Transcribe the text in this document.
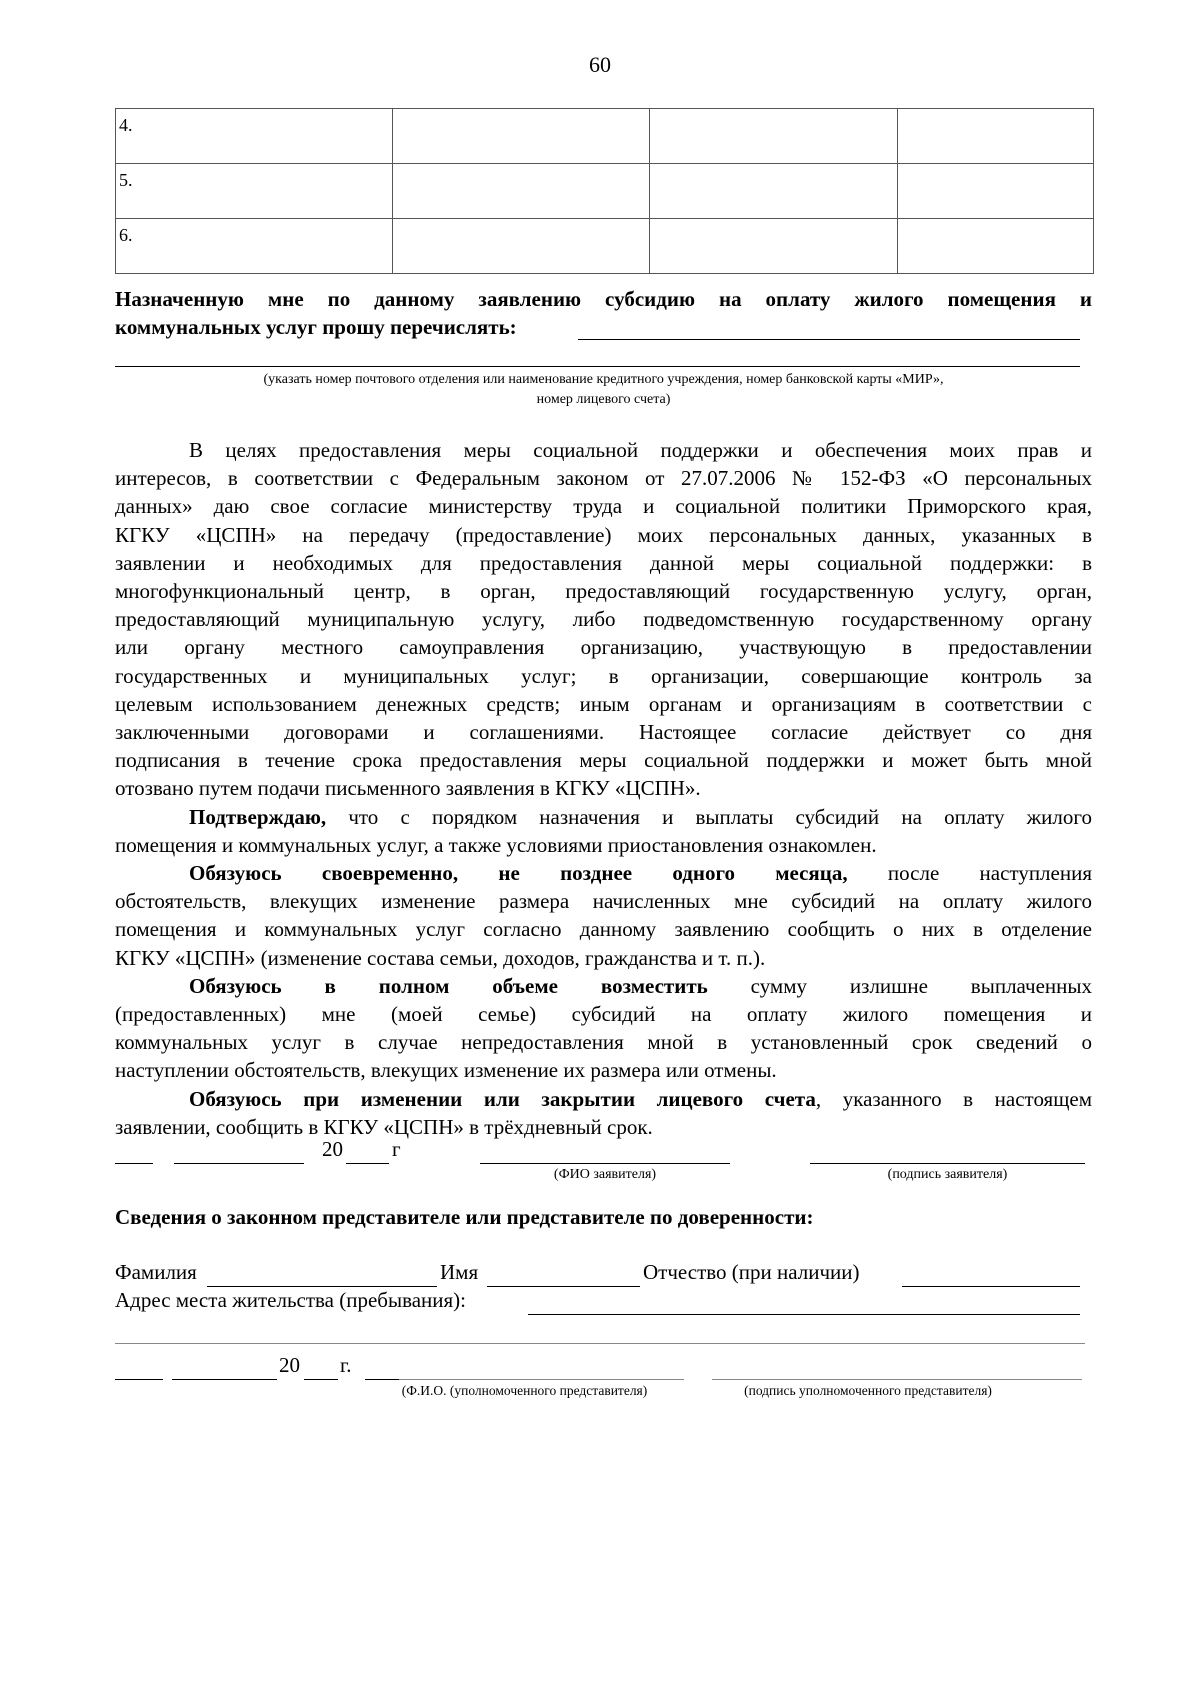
60
4.			
5.			
6.			
Назначенную мне по данному заявлению субсидию на оплату жилого помещения и
коммунальных услуг прошу перечислять:
(указать номер почтового отделения или наименование кредитного учреждения, номер банковской карты «МИР»,
номер лицевого счета)
В целях предоставления меры социальной поддержки и обеспечения моих прав и
интересов, в соответствии с Федеральным законом от 27.07.2006 № 152-ФЗ «О персональных
данных» даю свое согласие министерству труда и социальной политики Приморского края,
КГКУ «ЦСПН» на передачу (предоставление) моих персональных данных, указанных в
заявлении и необходимых для предоставления данной меры социальной поддержки: в
многофункциональный центр, в орган, предоставляющий государственную услугу, орган,
предоставляющий муниципальную услугу, либо подведомственную государственному органу
или органу местного самоуправления организацию, участвующую в предоставлении
государственных и муниципальных услуг; в организации, совершающие контроль за
целевым использованием денежных средств; иным органам и организациям в соответствии с
заключенными договорами и соглашениями. Настоящее согласие действует со дня
подписания в течение срока предоставления меры социальной поддержки и может быть мной
отозвано путем подачи письменного заявления в КГКУ «ЦСПН».
Подтверждаю, что с порядком назначения и выплаты субсидий на оплату жилого
помещения и коммунальных услуг, а также условиями приостановления ознакомлен.
Обязуюсь своевременно, не позднее одного месяца, после наступления
обстоятельств, влекущих изменение размера начисленных мне субсидий на оплату жилого
помещения и коммунальных услуг согласно данному заявлению сообщить о них в отделение
КГКУ «ЦСПН» (изменение состава семьи, доходов, гражданства и т. п.).
Обязуюсь в полном объеме возместить сумму излишне выплаченных
(предоставленных) мне (моей семье) субсидий на оплату жилого помещения и
коммунальных услуг в случае непредоставления мной в установленный срок сведений о
наступлении обстоятельств, влекущих изменение их размера или отмены.
Обязуюсь при изменении или закрытии лицевого счета, указанного в настоящем
заявлении, сообщить в КГКУ «ЦСПН» в трёхдневный срок.
20 г
(ФИО заявителя)	(подпись заявителя)
Сведения о законном представителе или представителе по доверенности:
Фамилия	Имя	Отчество (при наличии)
Адрес места жительства (пребывания):
20 г.
(Ф.И.О. (уполномоченного представителя)	(подпись уполномоченного представителя)
